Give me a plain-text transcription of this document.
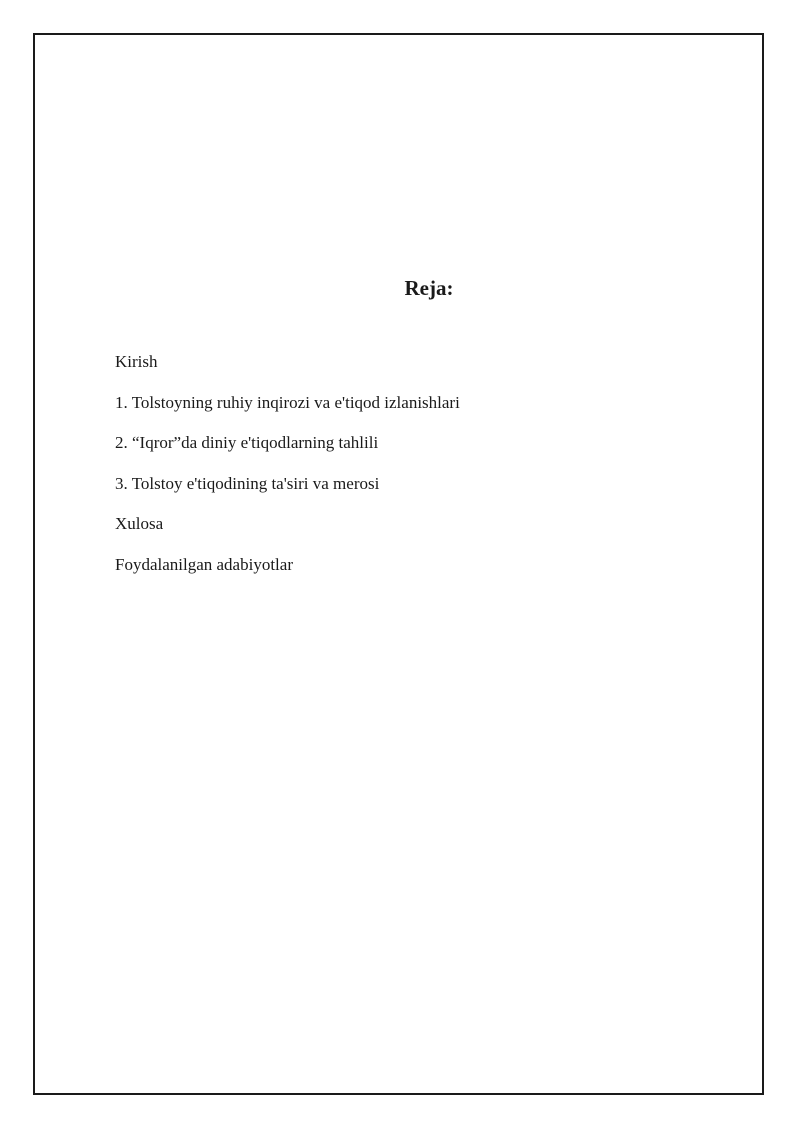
Reja:
Kirish
1. Tolstoyning ruhiy inqirozi va e'tiqod izlanishlari
2. “Iqror”da diniy e'tiqodlarning tahlili
3. Tolstoy e'tiqodining ta'siri va merosi
Xulosa
Foydalanilgan adabiyotlar
